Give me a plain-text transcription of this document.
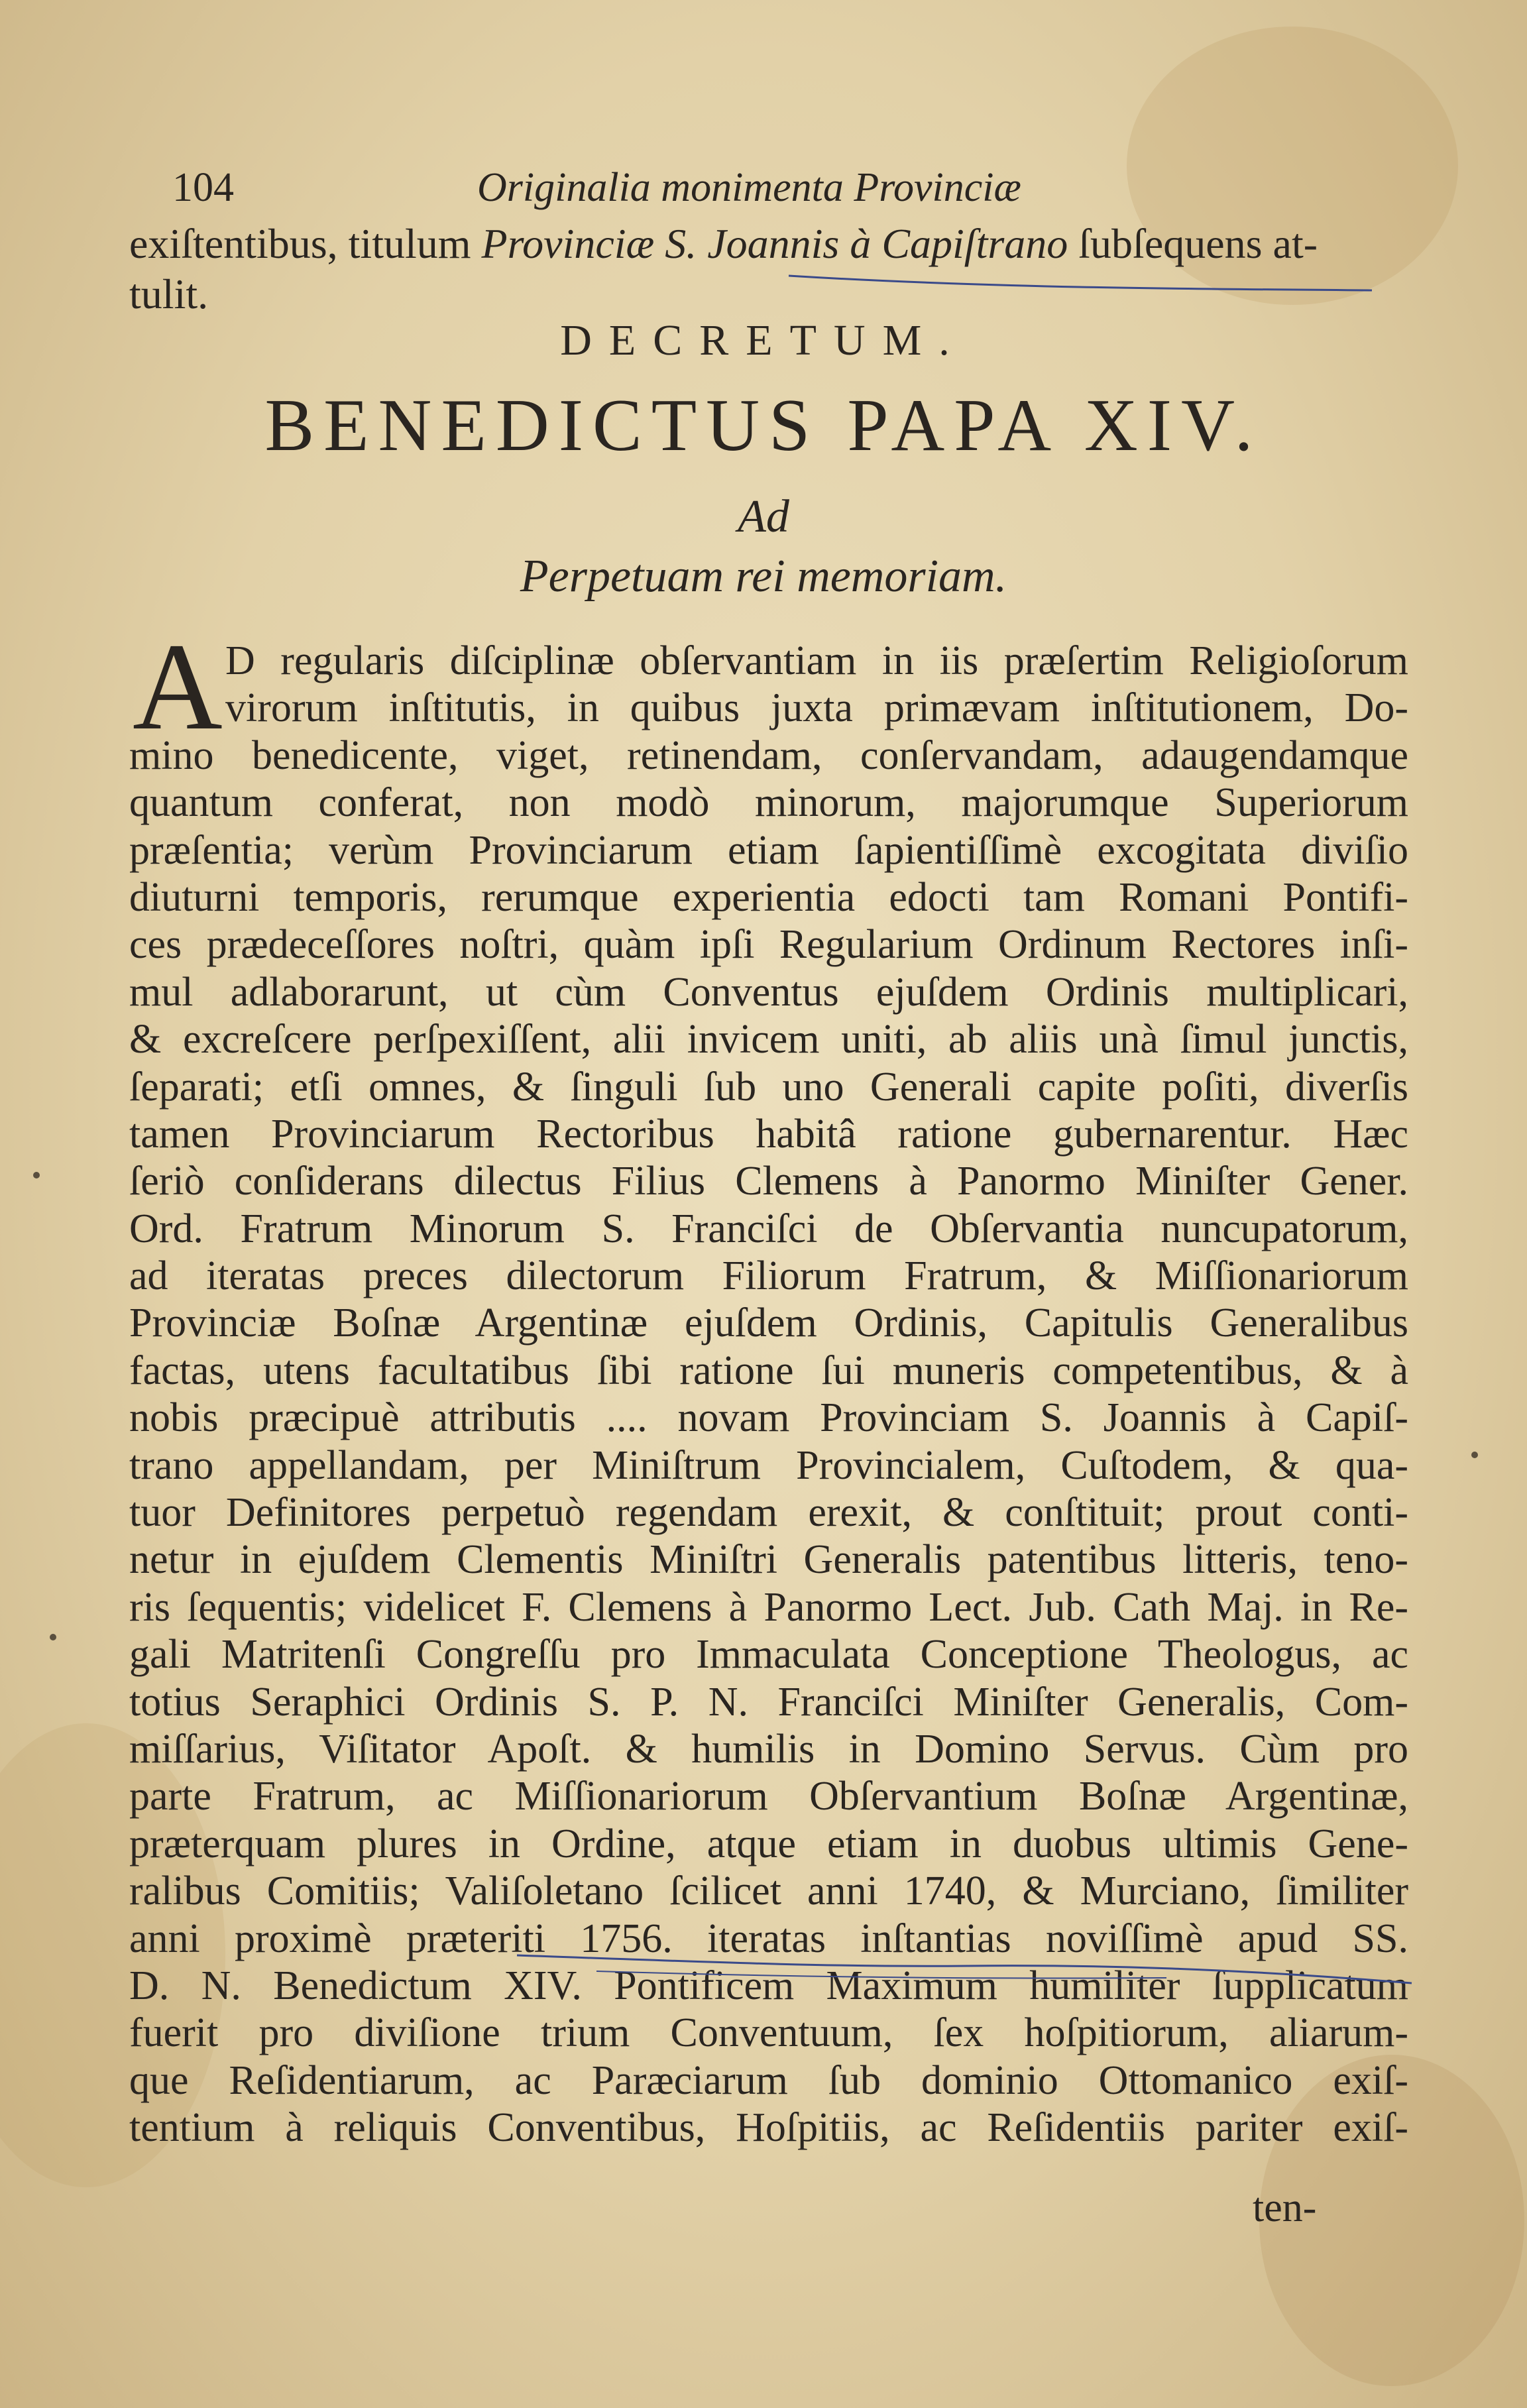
104	Originalia monimenta Provinciæ
exiſtentibus, titulum Provinciæ S. Joannis à Capiſtrano ſubſequens at-
tulit.
DECRETUM.
BENEDICTUS PAPA XIV.
Ad
Perpetuam rei memoriam.
A D regularis diſciplinæ obſervantiam in iis præſertim Religioſorum
virorum inſtitutis, in quibus juxta primævam inſtitutionem, Do-
mino benedicente, viget, retinendam, conſervandam, adaugendamque
quantum conferat, non modò minorum, majorumque Superiorum
præſentia; verùm Provinciarum etiam ſapientiſſimè excogitata diviſio
diuturni temporis, rerumque experientia edocti tam Romani Pontifi-
ces prædeceſſores noſtri, quàm ipſi Regularium Ordinum Rectores inſi-
mul adlaborarunt, ut cùm Conventus ejuſdem Ordinis multiplicari,
& excreſcere perſpexiſſent, alii invicem uniti, ab aliis unà ſimul junctis,
ſeparati; etſi omnes, & ſinguli ſub uno Generali capite poſiti, diverſis
tamen Provinciarum Rectoribus habitâ ratione gubernarentur. Hæc
ſeriò conſiderans dilectus Filius Clemens à Panormo Miniſter Gener.
Ord. Fratrum Minorum S. Franciſci de Obſervantia nuncupatorum,
ad iteratas preces dilectorum Filiorum Fratrum, & Miſſionariorum
Provinciæ Boſnæ Argentinæ ejuſdem Ordinis, Capitulis Generalibus
factas, utens facultatibus ſibi ratione ſui muneris competentibus, & à
nobis præcipuè attributis .... novam Provinciam S. Joannis à Capiſ-
trano appellandam, per Miniſtrum Provincialem, Cuſtodem, & qua-
tuor Definitores perpetuò regendam erexit, & conſtituit; prout conti-
netur in ejuſdem Clementis Miniſtri Generalis patentibus litteris, teno-
ris ſequentis; videlicet F. Clemens à Panormo Lect. Jub. Cath Maj. in Re-
gali Matritenſi Congreſſu pro Immaculata Conceptione Theologus, ac
totius Seraphici Ordinis S. P. N. Franciſci Miniſter Generalis, Com-
miſſarius, Viſitator Apoſt. & humilis in Domino Servus. Cùm pro
parte Fratrum, ac Miſſionariorum Obſervantium Boſnæ Argentinæ,
præterquam plures in Ordine, atque etiam in duobus ultimis Gene-
ralibus Comitiis; Valiſoletano ſcilicet anni 1740, & Murciano, ſimiliter
anni proximè præteriti 1756. iteratas inſtantias noviſſimè apud SS.
D. N. Benedictum XIV. Pontificem Maximum humiliter ſupplicatum
fuerit pro diviſione trium Conventuum, ſex hoſpitiorum, aliarum-
que Reſidentiarum, ac Paræciarum ſub dominio Ottomanico exiſ-
tentium à reliquis Conventibus, Hoſpitiis, ac Reſidentiis pariter exiſ-
ten-
